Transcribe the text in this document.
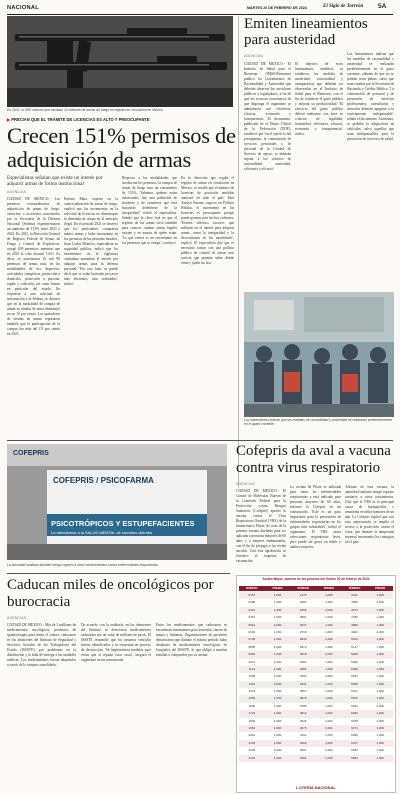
NACIONAL	MARTES 20 DE FEBRERO DE 2024	El Siglo de Torreón 5A
En 2023, la SRE informó que cambian 15 millones de armas de fuego en registro en circulación en México.
Emiten lineamientos para austeridad
AGENCIAS
CIUDAD DE MÉXICO.- El Instituto de Salud para el Bienestar (IMSS-Bienestar) publicó los Lineamientos de Racionalidad y Austeridad que deberán observar los servidores públicos y legisladores, a fin de que los recursos económicos de que disponga el organismo se administren con eficiencia, eficacia, economía y transparencia. El documento, publicado en el Diario Oficial de la Federación (DOF), establece que 'en el ejercicio del presupuesto, la contratación de servicios personales y de personal de la Unidad de Servicio de apoyo, se deberán sujetar a los criterios de racionalidad, austeridad, eficiencia y eficacia'.
El objetivo de estos lineamientos, establece, es establecer las medidas de austeridad, racionalidad y transparencia que deberán ser observadas en el Instituto de Salud para el Bienestar, con el fin de fortalecer el gasto público y mejorar su productividad. 'El ejercicio del gasto público deberá realizarse con base en criterios de legalidad, honestidad, eficiencia, eficacia, economía y transparencia', indica.
Los lineamientos indican que las medidas de racionalidad y austeridad se realizarán preferentemente en el gasto corriente, además de que no se podrán crear plazas, salvo que sean creadas por la Secretaría de Hacienda y Crédito Público. 'La contratación de personal y de prestación de servicios profesionales, consultorías y asesorías deberán apegarse a lo estrictamente indispensable', señala el documento. Asimismo, se prohíbe la adquisición de vehículos, salvo aquellos que sean indispensables para la prestación de servicios de salud.
Los lineamientos indican que las medidas de racionalidad y austeridad se realizarán preferentemente en el gasto corriente.
▶ PRECIAN QUE EL TRÁMITE DE LICENCIAS ES ALTO Y PREOCUPANTE
Crecen 151% permisos de adquisición de armas
Especialistas señalan que existe un interés por adquirir armas de forma institucional
AGENCIAS
CIUDAD DE MÉXICO.- Los permisos extraordinarios de adquisición de armas de fuego, cartuchos o accesorios autorizados por la Secretaría de la Defensa Nacional (Sedena) experimentaron un aumento de 151% entre 2023 y 2023. En 2023, la Dirección General de Registro Federal de Armas de Fuego y Control de Explosivos, otorgó 659 permisos, mientras que en 2023 la cifra alcanzó 1,651. Es decir, se autorizaron 16 mil 98 permisos de armas más, en las modalidades de tiro deportivo, actividades cinegéticas, protección a domicilio, protección a persona, regalo y colección, así como Armas en particular del estado. En respuesta a una solicitud de información a la Sedena, se destacó que en la modalidad de compra de armas en tiendas de arma disminuyó en un 10 por ciento. Los operadores de tiendas de armas reportaron también que la participación de la compra fue más del 2.9 por ciento en 2023.
Ernesto Mata, experto en la comercialización de armas de fuego, explicó que los incrementos en la solicitud de licencias no disminuyen la demanda de armas en el mercado ilegal. En el periodo 2021 se observó que los particulares compraron menos armas y hubo incremento en los permisos de las personas morales. Juan Carlos Montero, especialista en seguridad pública, indicó que los incrementos en la vigilancia ciudadana aumentan el interés por adquirir armas para la defensa personal. 'Por otro lado, se puede decir que se están haciendo procesos más eficientes, más ordenados', indicó.
Respecto a las modalidades que involucran los permisos, la compra de armas de fuego tuvo un crecimiento de 151%. 'Sabemos quiénes están autorizados, hay una población de tiradores y de cazadores que está buscando defenderse de la inseguridad', refirió el especialista. Señaló que la clave está en que el registro de las armas sirva también para conocer cuántas armas legales existen y en manos de quién están. 'Lo que vemos es un crecimiento en los permisos que se otorga', concluyó.
En la dirección que regula el registro de armas en circulación en México, se resaltó que el número de licencias de portación emitidas aumentó en todo el país. Para Analyn Susano, experto en Política Pública, el incremento en las licencias es preocupante porque puede generar más hechos violentos. 'Existen diversos factores que influyen en el interés para adquirir armas, como la inseguridad y la desconfianza en las autoridades', explicó. El especialista dijo que es necesario contar con una política pública de control de armas más estricta que permita saber dónde están y quién las usa.
COFEPRIS
COFEPRIS / PSICOFARMA
PSICOTRÓPICOS Y ESTUPEFACIENTES
Lo atendemos a la SALUD MENTAL de nuestros clientes
La autoridad sanitaria también otorgó registro a otros medicamentos contra enfermedades respiratorias.
Cofepris da aval a vacuna contra virus respiratorio
AGENCIAS
CIUDAD DE MÉXICO.- El Comité de Moléculas Nuevas de la Comisión Federal para la Protección contra Riesgos Sanitarios (Cofepris) aprobó la vacuna contra el Virus Respiratorio Sincitial (VRS) de la farmacéutica Pfizer. Se trata de la primera vacuna diseñada para ser aplicada a personas mayores de 60 años y a mujeres embarazadas, con el fin de proteger a los recién nacidos. Con esta aprobación se fortalece el esquema de vacunación.
La vacuna de Pfizer es utilizada para tratar las enfermedades respiratorias y está indicada para personas mayores de 60 años, informó la Cofepris en un comunicado. 'Este es un paso importante para la prevención de enfermedades respiratorias en los grupos más vulnerables', indicó el organismo. El VRS causa infecciones respiratorias leves, pero puede ser grave en bebés y adultos mayores.
Además de esta vacuna, la autoridad sanitaria otorgó registro sanitario a otros tratamientos. Dijo que el VRS es la principal causa de bronquiolitis y neumonía en niños menores de un año. La Cofepris explicó que con esta autorización se amplía el acceso a la protección contra el virus, que durante la temporada invernal incrementa los contagios en el país.
Caducan miles de oncológicos por burocracia
AGENCIAS
CIUDAD DE MÉXICO.- Más de 3 millones de medicamentos oncológicos, productos de quimioterapia para tratar el cáncer, caducaron en los almacenes del Instituto de Seguridad y Servicios Sociales de los Trabajadores del Estado (ISSSTE), por problemas en la distribución y la falta de entrega a las unidades médicas. Los medicamentos fueron adquiridos a través de la compra consolidada.
De acuerdo con la auditoría, en los almacenes del Instituto se detectaron medicamentos caducados por un valor de millones de pesos. El ISSSTE respondió que los insumos vencidos fueron identificados y se encuentra en proceso de destrucción. 'Se implementan medidas para evitar que se repitan estos casos', aseguró el organismo en un comunicado.
Entre los medicamentos que caducaron se encuentran tratamientos para leucemia, cáncer de mama y linfomas. Organizaciones de pacientes denunciaron que durante el mismo periodo hubo desabasto de medicamentos oncológicos en hospitales del ISSSTE, lo que obligó a muchas familias a comprarlos por su cuenta.
Sorteo Mayor, número de los premios del Sorteo 20 de febrero de 2024
NÚMERO	PREMIO	NÚMERO	PREMIO	NÚMERO	PREMIO
0154	1,000	2178	1,000	4412	1,000
0288	1,000	2304	1,000	4526	1,000
0391	1,000	2455	2,000	4673	1,000
0467	1,000	2591	1,000	4780	1,000
0512	2,000	2637	1,000	4859	1,000
0634	1,000	2718	1,000	4921	2,000
0748	1,000	2846	1,000	5013	1,000
0855	1,000	2973	1,000	5147	1,000
0962	1,000	3018	1,000	5269	1,000
1037	1,000	3152	1,000	5384	1,000
1143	1,000	3286	1,000	5492	1,000
1258	1,000	3394	2,000	5527	1,000
1361	2,000	3431	1,000	5658	1,000
1479	1,000	3567	1,000	5741	1,000
1582	1,000	3679	1,000	5876	1,000
1695	1,000	3785	1,000	5914	2,000
1723	1,000	3812	1,000	6032	1,000
1849	1,000	3946	1,000	6158	1,000
1956	1,000	4075	1,000	6271	1,000
2061	1,000	4193	1,000	6395	1,000
2105	1,000	4268	1,000	6417	1,000
2139	2,000	4337	1,000	6542	1,000
2162	1,000	4391	1,000	6683	1,000
LOTERÍA NACIONAL
